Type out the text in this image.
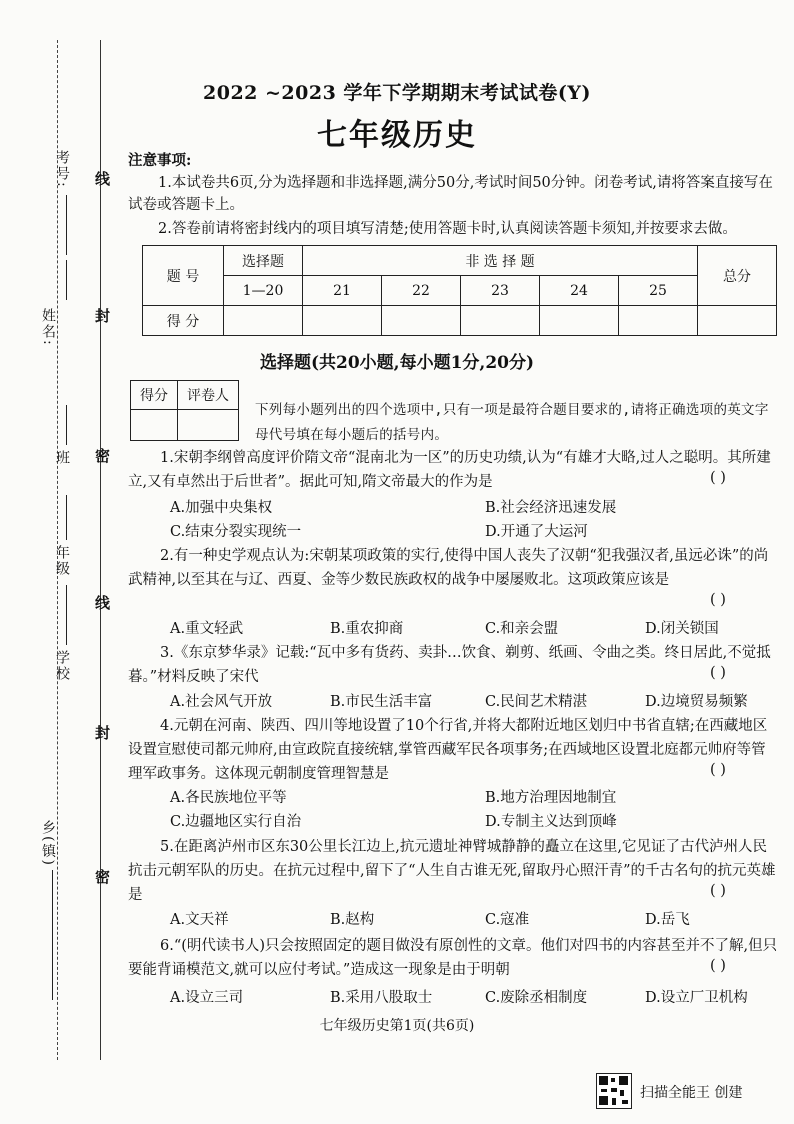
考号:
姓名:
班
年级
学校
乡(镇)
线
封
密
线
封
密
2022 ~2023 学年下学期期末考试试卷(Y)
七年级历史
注意事项:
1.本试卷共6页,分为选择题和非选择题,满分50分,考试时间50分钟。闭卷考试,请将答案直接写在试卷或答题卡上。
2.答卷前请将密封线内的项目填写清楚;使用答题卡时,认真阅读答题卡须知,并按要求去做。
题 号	选择题	非 选 择 题					总分
	1—20	21	22	23	24	25	
得 分							
选择题(共20小题,每小题1分,20分)
得分	评卷人

下列每小题列出的四个选项中,只有一项是最符合题目要求的,请将正确选项的英文字母代号填在每小题后的括号内。
1.宋朝李纲曾高度评价隋文帝“混南北为一区”的历史功绩,认为“有雄才大略,过人之聪明。其所建立,又有卓然出于后世者”。据此可知,隋文帝最大的作为是	( )
A.加强中央集权	B.社会经济迅速发展
C.结束分裂实现统一	D.开通了大运河
2.有一种史学观点认为:宋朝某项政策的实行,使得中国人丧失了汉朝“犯我强汉者,虽远必诛”的尚武精神,以至其在与辽、西夏、金等少数民族政权的战争中屡屡败北。这项政策应该是
( )
A.重文轻武	B.重农抑商	C.和亲会盟	D.闭关锁国
3.《东京梦华录》记载:“瓦中多有货药、卖卦…饮食、剃剪、纸画、令曲之类。终日居此,不觉抵暮。”材料反映了宋代	( )
A.社会风气开放	B.市民生活丰富	C.民间艺术精湛	D.边境贸易频繁
4.元朝在河南、陕西、四川等地设置了10个行省,并将大都附近地区划归中书省直辖;在西藏地区设置宣慰使司都元帅府,由宣政院直接统辖,掌管西藏军民各项事务;在西域地区设置北庭都元帅府等管理军政事务。这体现元朝制度管理智慧是	( )
A.各民族地位平等	B.地方治理因地制宜
C.边疆地区实行自治	D.专制主义达到顶峰
5.在距离泸州市区东30公里长江边上,抗元遗址神臂城静静的矗立在这里,它见证了古代泸州人民抗击元朝军队的历史。在抗元过程中,留下了“人生自古谁无死,留取丹心照汗青”的千古名句的抗元英雄是	( )
A.文天祥	B.赵构	C.寇准	D.岳飞
6.“(明代读书人)只会按照固定的题目做没有原创性的文章。他们对四书的内容甚至并不了解,但只要能背诵模范文,就可以应付考试。”造成这一现象是由于明朝	( )
A.设立三司	B.采用八股取士	C.废除丞相制度	D.设立厂卫机构
七年级历史第1页(共6页)
扫描全能王 创建
